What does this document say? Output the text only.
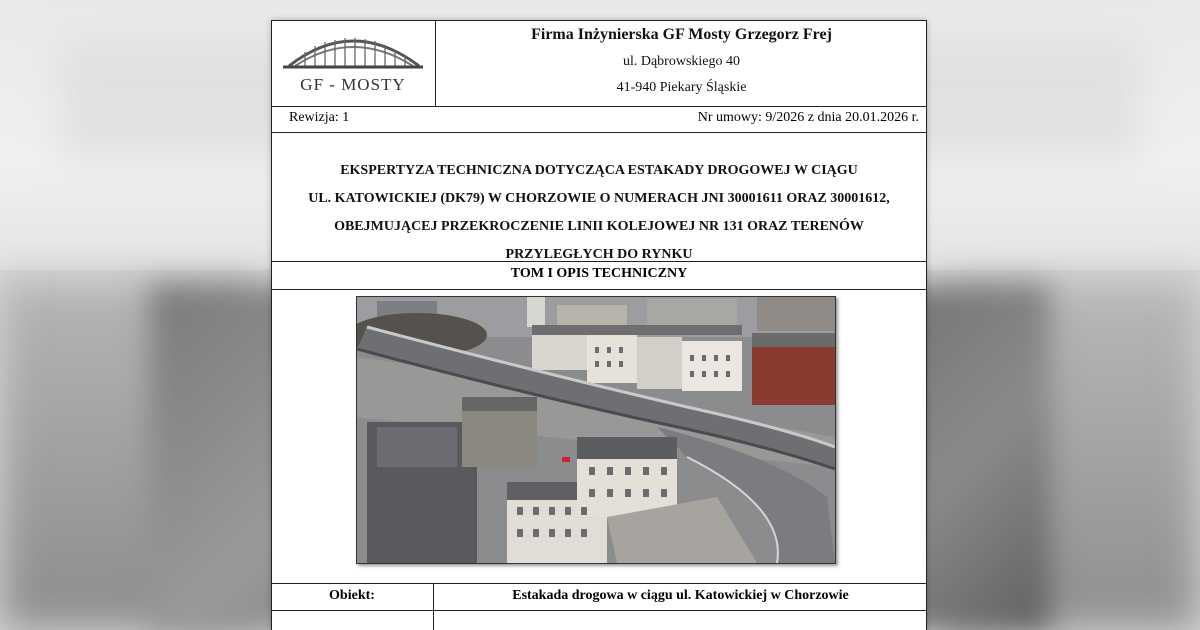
GF - MOSTY
Firma Inżynierska GF Mosty Grzegorz Frej
ul. Dąbrowskiego 40
41-940 Piekary Śląskie
Rewizja: 1	Nr umowy: 9/2026 z dnia 20.01.2026 r.
EKSPERTYZA TECHNICZNA DOTYCZĄCA ESTAKADY DROGOWEJ W CIĄGU
UL. KATOWICKIEJ (DK79) W CHORZOWIE O NUMERACH JNI 30001611 ORAZ 30001612,
OBEJMUJĄCEJ PRZEKROCZENIE LINII KOLEJOWEJ NR 131 ORAZ TERENÓW
PRZYLEGŁYCH DO RYNKU
TOM I OPIS TECHNICZNY
Obiekt:	Estakada drogowa w ciągu ul. Katowickiej w Chorzowie
